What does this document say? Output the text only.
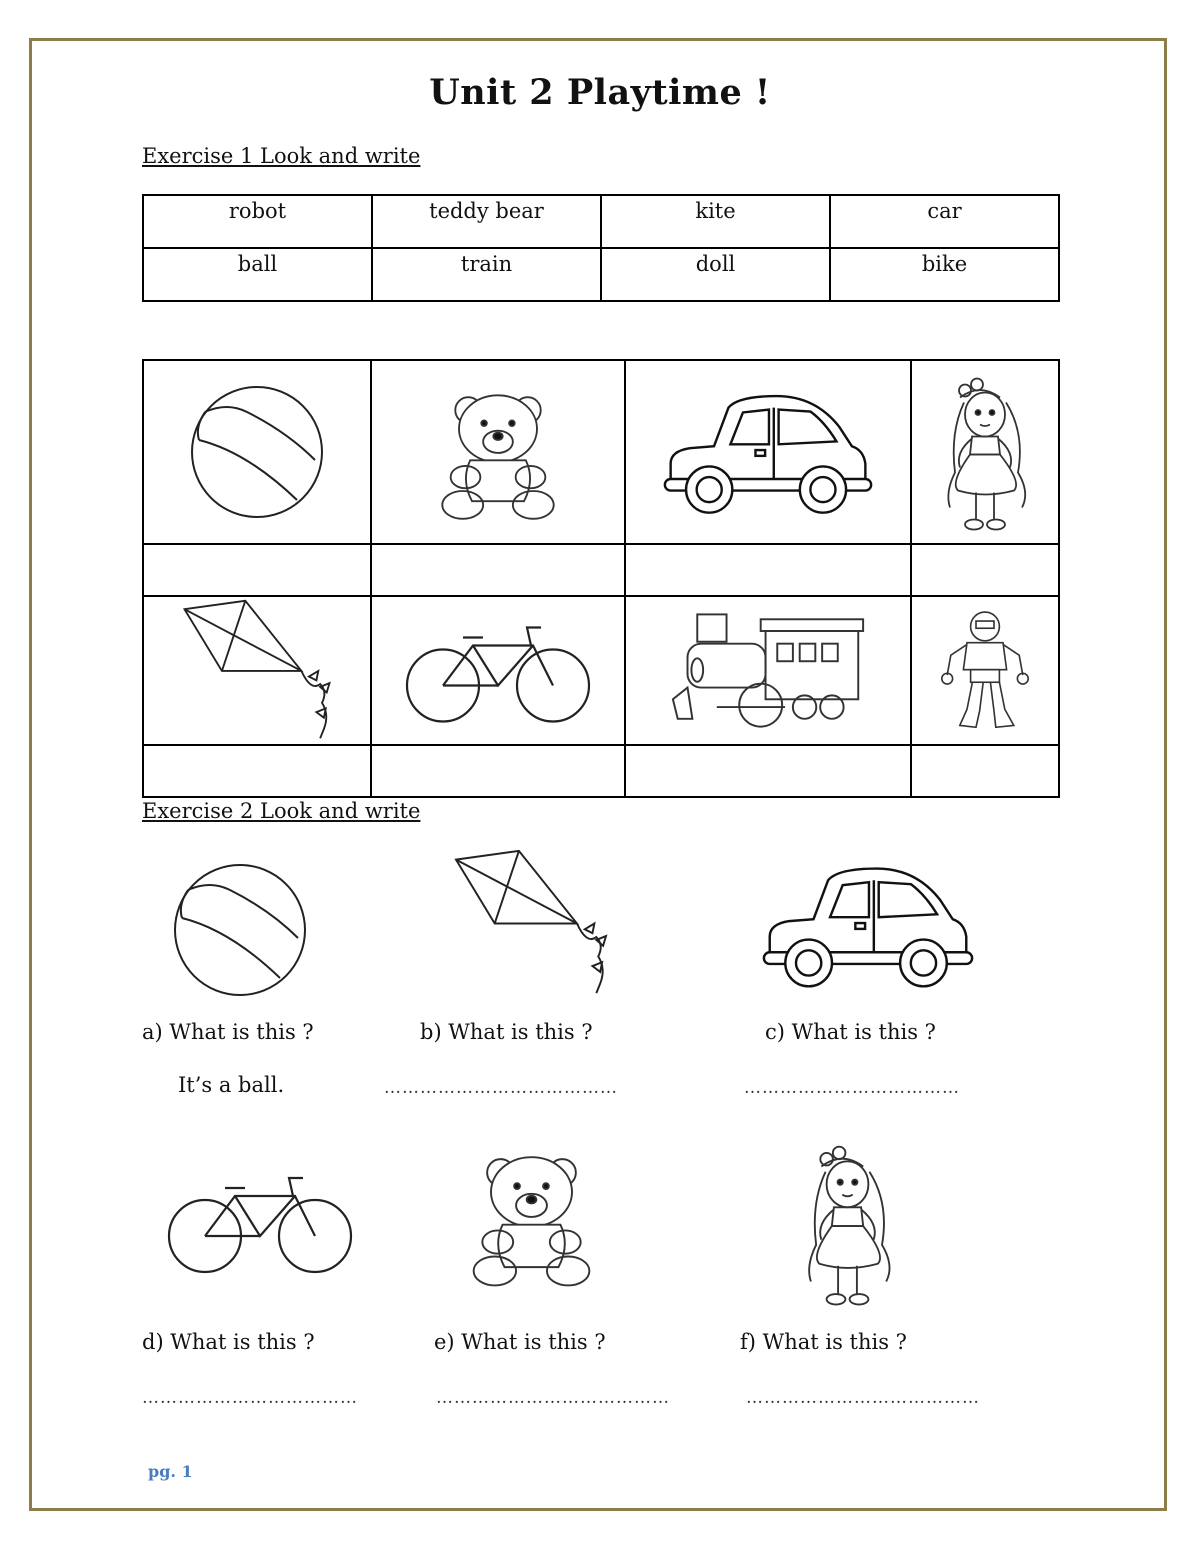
Unit 2 Playtime !
Exercise 1 Look and write
robot	teddy bear	kite	car
ball	train	doll	bike

Exercise 2 Look and write
a) What is this ?	b) What is this ?	c) What is this ?
It’s a ball.	…………………………………	………………………………
d) What is this ?	e) What is this ?	f) What is this ?
………………………………	…………………………………	…………………………………
pg. 1
